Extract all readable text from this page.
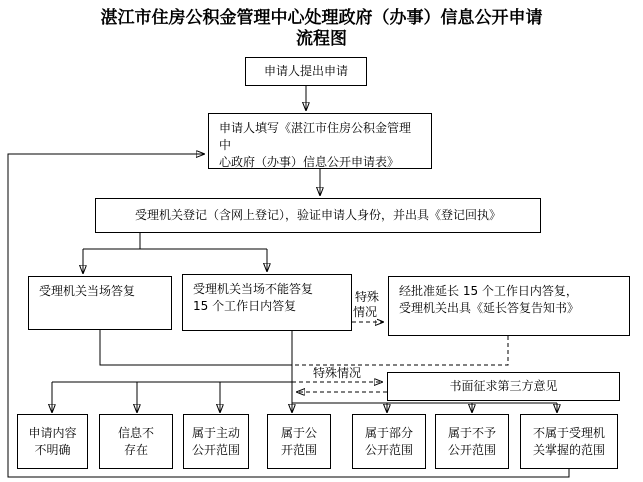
湛江市住房公积金管理中心处理政府（办事）信息公开申请
流程图
申请人提出申请
申请人填写《湛江市住房公积金管理中
心政府（办事）信息公开申请表》
受理机关登记（含网上登记），验证申请人身份，并出具《登记回执》
受理机关当场答复	受理机关当场不能答复
15 个工作日内答复
经批准延长 15 个工作日内答复，
受理机关出具《延长答复告知书》
书面征求第三方意见
申请内容
不明确
信息不
存在
属于主动
公开范围
属于公
开范围
属于部分
公开范围
属于不予
公开范围
不属于受理机
关掌握的范围
特殊
情况
特殊情况
